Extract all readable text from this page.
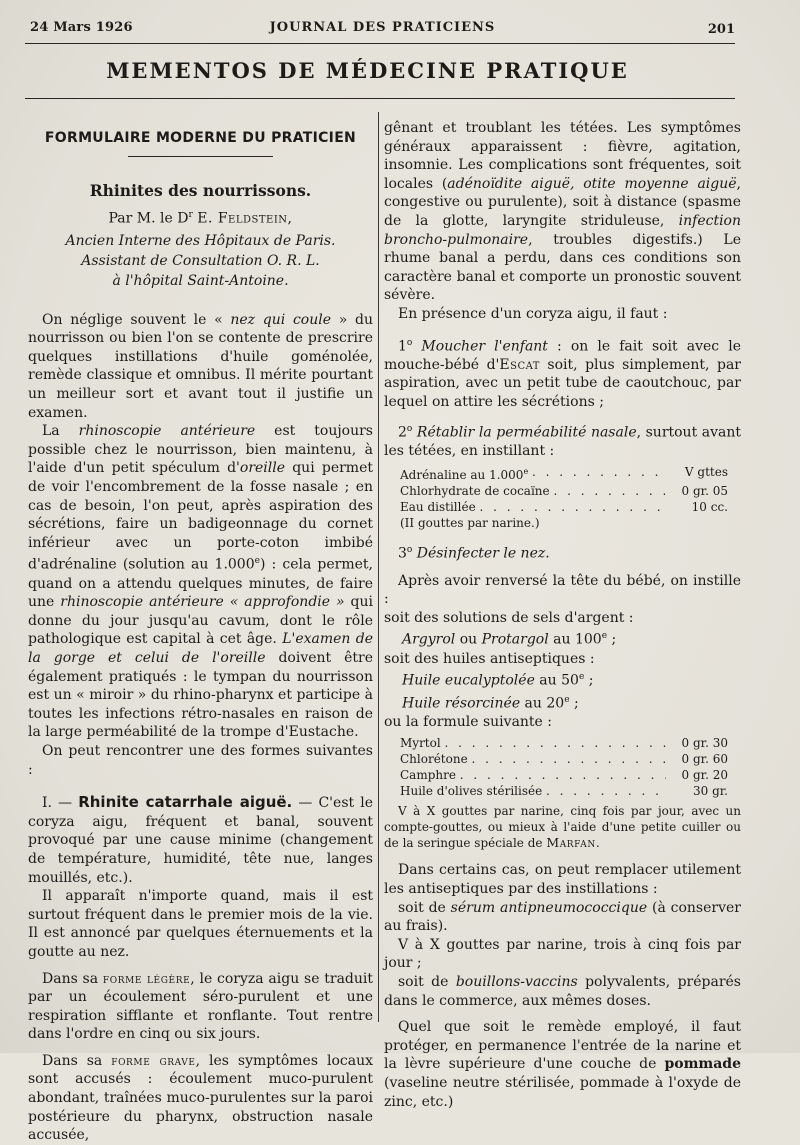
24 Mars 1926	JOURNAL DES PRATICIENS	201
MEMENTOS DE MÉDECINE PRATIQUE
FORMULAIRE MODERNE DU PRATICIEN
Rhinites des nourrissons.
Par M. le $D^r$ E. Feldstein,
Ancien Interne des Hôpitaux de Paris.
Assistant de Consultation O. R. L.
à l'hôpital Saint-Antoine.

On néglige souvent le « nez qui coule » du nourrisson ou bien l'on se contente de prescrire quelques instillations d'huile goménolée, remède classique et omnibus. Il mérite pourtant un meilleur sort et avant tout il justifie un examen.

La rhinoscopie antérieure est toujours possible chez le nourrisson, bien maintenu, à l'aide d'un petit spéculum d'oreille qui permet de voir l'encombrement de la fosse nasale ; en cas de besoin, l'on peut, après aspiration des sécrétions, faire un badigeonnage du cornet inférieur avec un porte-coton imbibé d'adrénaline (solution au 1.000e) : cela permet, quand on a attendu quelques minutes, de faire une rhinoscopie antérieure « approfondie » qui donne du jour jusqu'au cavum, dont le rôle pathologique est capital à cet âge. L'examen de la gorge et celui de l'oreille doivent être également pratiqués : le tympan du nourrisson est un « miroir » du rhino-pharynx et participe à toutes les infections rétro-nasales en raison de la large perméabilité de la trompe d'Eustache.

On peut rencontrer une des formes suivantes :

I. — Rhinite catarrhale aiguë. — C'est le coryza aigu, fréquent et banal, souvent provoqué par une cause minime (changement de température, humidité, tête nue, langes mouillés, etc.).

Il apparaît n'importe quand, mais il est surtout fréquent dans le premier mois de la vie. Il est annoncé par quelques éternuements et la goutte au nez.

Dans sa forme légère, le coryza aigu se traduit par un écoulement séro-purulent et une respiration sifflante et ronflante. Tout rentre dans l'ordre en cinq ou six jours.

Dans sa forme grave, les symptômes locaux sont accusés : écoulement muco-purulent abondant, traînées muco-purulentes sur la paroi postérieure du pharynx, obstruction nasale accusée,

gênant et troublant les tétées. Les symptômes généraux apparaissent : fièvre, agitation, insomnie. Les complications sont fréquentes, soit locales (adénoïdite aiguë, otite moyenne aiguë, congestive ou purulente), soit à distance (spasme de la glotte, laryngite striduleuse, infection broncho-pulmonaire, troubles digestifs.) Le rhume banal a perdu, dans ces conditions son caractère banal et comporte un pronostic souvent sévère.

En présence d'un coryza aigu, il faut :

1$^o$ Moucher l'enfant : on le fait soit avec le mouche-bébé d'Escat soit, plus simplement, par aspiration, avec un petit tube de caoutchouc, par lequel on attire les sécrétions ;

2$^o$ Rétablir la perméabilité nasale, surtout avant les tétées, en instillant :

Adrénaline au 1.000e . . .	V gttes
Chlorhydrate de cocaïne . . .	0 gr. 05
Eau distillée . . .	10 cc.
(II gouttes par narine.)

3$^o$ Désinfecter le nez.

Après avoir renversé la tête du bébé, on instille :

soit des solutions de sels d'argent :

Argyrol ou Protargol au 100e ;

soit des huiles antiseptiques :

Huile eucalyptolée au 50e ;

Huile résorcinée au 20e ;

ou la formule suivante :

Myrtol . . .	0 gr. 30
Chlorétone . . .	0 gr. 60
Camphre . . .	0 gr. 20
Huile d'olives stérilisée . . .	30 gr.

V à X gouttes par narine, cinq fois par jour, avec un compte-gouttes, ou mieux à l'aide d'une petite cuiller ou de la seringue spéciale de Marfan.

Dans certains cas, on peut remplacer utilement les antiseptiques par des instillations :

soit de sérum antipneumococcique (à conserver au frais).

V à X gouttes par narine, trois à cinq fois par jour ;

soit de bouillons-vaccins polyvalents, préparés dans le commerce, aux mêmes doses.

Quel que soit le remède employé, il faut protéger, en permanence l'entrée de la narine et la lèvre supérieure d'une couche de pommade (vaseline neutre stérilisée, pommade à l'oxyde de zinc, etc.)
